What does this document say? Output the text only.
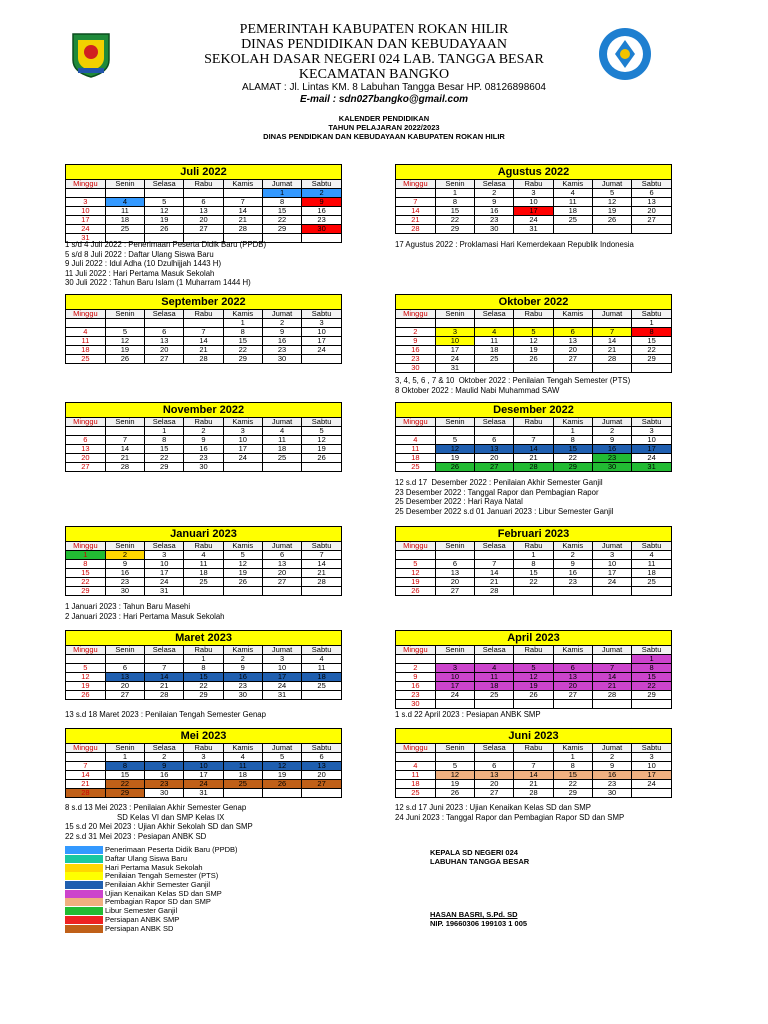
PEMERINTAH KABUPATEN ROKAN HILIR
DINAS PENDIDIKAN DAN KEBUDAYAAN
SEKOLAH DASAR NEGERI 024 LAB. TANGGA BESAR
KECAMATAN BANGKO
ALAMAT : Jl. Lintas KM. 8 Labuhan Tangga Besar HP. 08126898604
E-mail : sdn027bangko@gmail.com
KALENDER PENDIDIKAN
TAHUN PELAJARAN 2022/2023
DINAS PENDIDKAN DAN KEBUDAYAAN KABUPATEN ROKAN HILIR
Juli 2022
Minggu	Senin	Selasa	Rabu	Kamis	Jumat	Sabtu
					1	2
3	4	5	6	7	8	9
10	11	12	13	14	15	16
17	18	19	20	21	22	23
24	25	26	27	28	29	30
31						
Agustus 2022
Minggu	Senin	Selasa	Rabu	Kamis	Jumat	Sabtu
	1	2	3	4	5	6
7	8	9	10	11	12	13
14	15	16	17	18	19	20
21	22	23	24	25	26	27
28	29	30	31			
September 2022
Minggu	Senin	Selasa	Rabu	Kamis	Jumat	Sabtu
				1	2	3
4	5	6	7	8	9	10
11	12	13	14	15	16	17
18	19	20	21	22	23	24
25	26	27	28	29	30	
Oktober 2022
Minggu	Senin	Selasa	Rabu	Kamis	Jumat	Sabtu
						1
2	3	4	5	6	7	8
9	10	11	12	13	14	15
16	17	18	19	20	21	22
23	24	25	26	27	28	29
30	31					
November 2022
Minggu	Senin	Selasa	Rabu	Kamis	Jumat	Sabtu
		1	2	3	4	5
6	7	8	9	10	11	12
13	14	15	16	17	18	19
20	21	22	23	24	25	26
27	28	29	30			
Desember 2022
Minggu	Senin	Selasa	Rabu	Kamis	Jumat	Sabtu
				1	2	3
4	5	6	7	8	9	10
11	12	13	14	15	16	17
18	19	20	21	22	23	24
25	26	27	28	29	30	31
Januari 2023
Minggu	Senin	Selasa	Rabu	Kamis	Jumat	Sabtu
1	2	3	4	5	6	7
8	9	10	11	12	13	14
15	16	17	18	19	20	21
22	23	24	25	26	27	28
29	30	31				
Februari 2023
Minggu	Senin	Selasa	Rabu	Kamis	Jumat	Sabtu
			1	2	3	4
5	6	7	8	9	10	11
12	13	14	15	16	17	18
19	20	21	22	23	24	25
26	27	28				
Maret 2023
Minggu	Senin	Selasa	Rabu	Kamis	Jumat	Sabtu
			1	2	3	4
5	6	7	8	9	10	11
12	13	14	15	16	17	18
19	20	21	22	23	24	25
26	27	28	29	30	31	
April 2023
Minggu	Senin	Selasa	Rabu	Kamis	Jumat	Sabtu
						1
2	3	4	5	6	7	8
9	10	11	12	13	14	15
16	17	18	19	20	21	22
23	24	25	26	27	28	29
30						
Mei 2023
Minggu	Senin	Selasa	Rabu	Kamis	Jumat	Sabtu
	1	2	3	4	5	6
7	8	9	10	11	12	13
14	15	16	17	18	19	20
21	22	23	24	25	26	27
28	29	30	31			
Juni 2023
Minggu	Senin	Selasa	Rabu	Kamis	Jumat	Sabtu
				1	2	3
4	5	6	7	8	9	10
11	12	13	14	15	16	17
18	19	20	21	22	23	24
25	26	27	28	29	30	
1 s/d 4 Juli 2022 : Penerimaan Peserta Didik Baru (PPDB)
5 s/d 8 Juli 2022 : Daftar Ulang Siswa Baru
9 Juli 2022 : Idul Adha (10 Dzulhijjah 1443 H)
11 Juli 2022 : Hari Pertama Masuk Sekolah
30 Juli 2022 : Tahun Baru Islam (1 Muharram 1444 H)
17 Agustus 2022 : Proklamasi Hari Kemerdekaan Republik Indonesia
3, 4, 5, 6 , 7 & 10  Oktober 2022 : Penilaian Tengah Semester (PTS)
8 Oktober 2022 : Maulid Nabi Muhammad SAW
12 s.d 17  Desember 2022 : Penilaian Akhir Semester Ganjil
23 Desember 2022 : Tanggal Rapor dan Pembagian Rapor
25 Desember 2022 : Hari Raya Natal
25 Desember 2022 s.d 01 Januari 2023 : Libur Semester Ganjil
1 Januari 2023 : Tahun Baru Masehi
2 Januari 2023 : Hari Pertama Masuk Sekolah
13 s.d 18 Maret 2023 : Penilaian Tengah Semester Genap	1 s.d 22 April 2023 : Pesiapan ANBK SMP
8 s.d 13 Mei 2023 : Penilaian Akhir Semester Genap
SD Kelas VI dan SMP Kelas IX
15 s.d 20 Mei 2023 : Ujian Akhir Sekolah SD dan SMP
22 s.d 31 Mei 2023 : Pesiapan ANBK SD
12 s.d 17 Juni 2023 : Ujian Kenaikan Kelas SD dan SMP
24 Juni 2023 : Tanggal Rapor dan Pembagian Rapor SD dan SMP
Penerimaan Peserta Didik Baru (PPDB)
Daftar Ulang Siswa Baru
Hari Pertama Masuk Sekolah
Penilaian Tengah Semester (PTS)
Penilaian Akhir Semester Ganjil
Ujian Kenaikan Kelas SD dan SMP
Pembagian Rapor SD dan SMP
Libur Semester Ganjil
Persiapan ANBK SMP
Persiapan ANBK SD
KEPALA SD NEGERI 024
LABUHAN TANGGA BESAR
HASAN BASRI, S.Pd. SD
NIP. 19660306 199103 1 005
